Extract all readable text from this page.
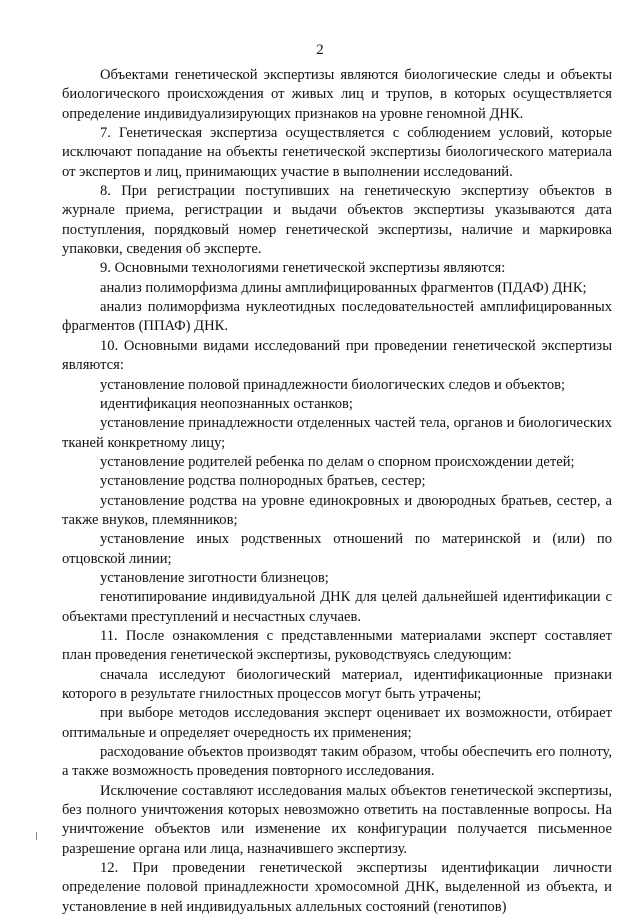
2

Объектами генетической экспертизы являются биологические следы и объекты биологического происхождения от живых лиц и трупов, в которых осуществляется определение индивидуализирующих признаков на уровне геномной ДНК.

7. Генетическая экспертиза осуществляется с соблюдением условий, которые исключают попадание на объекты генетической экспертизы биологического материала от экспертов и лиц, принимающих участие в выполнении исследований.

8. При регистрации поступивших на генетическую экспертизу объектов в журнале приема, регистрации и выдачи объектов экспертизы указываются дата поступления, порядковый номер генетической экспертизы, наличие и маркировка упаковки, сведения об эксперте.

9. Основными технологиями генетической экспертизы являются:

анализ полиморфизма длины амплифицированных фрагментов (ПДАФ) ДНК;

анализ полиморфизма нуклеотидных последовательностей амплифицированных фрагментов (ППАФ) ДНК.

10. Основными видами исследований при проведении генетической экспертизы являются:

установление половой принадлежности биологических следов и объектов;

идентификация неопознанных останков;

установление принадлежности отделенных частей тела, органов и биологических тканей конкретному лицу;

установление родителей ребенка по делам о спорном происхождении детей;

установление родства полнородных братьев, сестер;

установление родства на уровне единокровных и двоюродных братьев, сестер, а также внуков, племянников;

установление иных родственных отношений по материнской и (или) по отцовской линии;

установление зиготности близнецов;

генотипирование индивидуальной ДНК для целей дальнейшей идентификации с объектами преступлений и несчастных случаев.

11. После ознакомления с представленными материалами эксперт составляет план проведения генетической экспертизы, руководствуясь следующим:

сначала исследуют биологический материал, идентификационные признаки которого в результате гнилостных процессов могут быть утрачены;

при выборе методов исследования эксперт оценивает их возможности, отбирает оптимальные и определяет очередность их применения;

расходование объектов производят таким образом, чтобы обеспечить его полноту, а также возможность проведения повторного исследования.

Исключение составляют исследования малых объектов генетической экспертизы, без полного уничтожения которых невозможно ответить на поставленные вопросы. На уничтожение объектов или изменение их конфигурации получается письменное разрешение органа или лица, назначившего экспертизу.

12. При проведении генетической экспертизы идентификации личности определение половой принадлежности хромосомной ДНК, выделенной из объекта, и установление в ней индивидуальных аллельных состояний (генотипов)
